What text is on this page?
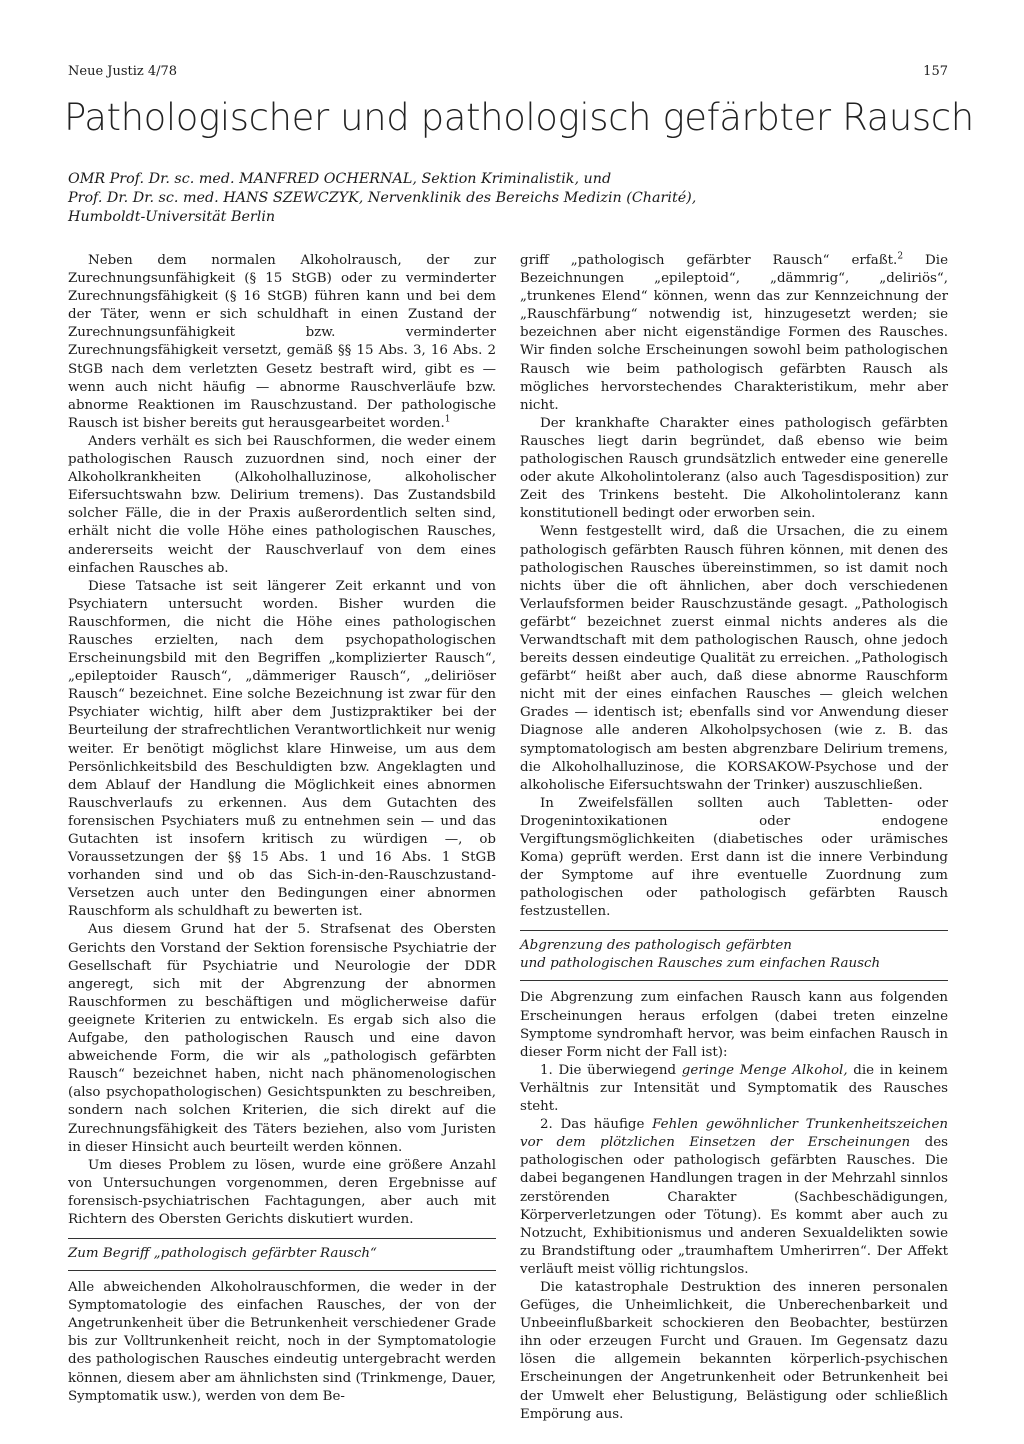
Neue Justiz 4/78	157
Pathologischer und pathologisch gefärbter Rausch
OMR Prof. Dr. sc. med. MANFRED OCHERNAL, Sektion Kriminalistik, und
Prof. Dr. Dr. sc. med. HANS SZEWCZYK, Nervenklinik des Bereichs Medizin (Charité),
Humboldt-Universität Berlin

Neben dem normalen Alkoholrausch, der zur Zurechnungsunfähigkeit (§ 15 StGB) oder zu verminderter Zurechnungsfähigkeit (§ 16 StGB) führen kann und bei dem der Täter, wenn er sich schuldhaft in einen Zustand der Zurechnungsunfähigkeit bzw. verminderter Zurechnungsfähigkeit versetzt, gemäß §§ 15 Abs. 3, 16 Abs. 2 StGB nach dem verletzten Gesetz bestraft wird, gibt es — wenn auch nicht häufig — abnorme Rauschverläufe bzw. abnorme Reaktionen im Rauschzustand. Der pathologische Rausch ist bisher bereits gut herausgearbeitet worden.$^1$

Anders verhält es sich bei Rauschformen, die weder einem pathologischen Rausch zuzuordnen sind, noch einer der Alkoholkrankheiten (Alkoholhalluzinose, alkoholischer Eifersuchtswahn bzw. Delirium tremens). Das Zustandsbild solcher Fälle, die in der Praxis außerordentlich selten sind, erhält nicht die volle Höhe eines pathologischen Rausches, andererseits weicht der Rauschverlauf von dem eines einfachen Rausches ab.

Diese Tatsache ist seit längerer Zeit erkannt und von Psychiatern untersucht worden. Bisher wurden die Rauschformen, die nicht die Höhe eines pathologischen Rausches erzielten, nach dem psychopathologischen Erscheinungsbild mit den Begriffen „komplizierter Rausch“, „epileptoider Rausch“, „dämmeriger Rausch“, „deliriöser Rausch“ bezeichnet. Eine solche Bezeichnung ist zwar für den Psychiater wichtig, hilft aber dem Justizpraktiker bei der Beurteilung der strafrechtlichen Verantwortlichkeit nur wenig weiter. Er benötigt möglichst klare Hinweise, um aus dem Persönlichkeitsbild des Beschuldigten bzw. Angeklagten und dem Ablauf der Handlung die Möglichkeit eines abnormen Rauschverlaufs zu erkennen. Aus dem Gutachten des forensischen Psychiaters muß zu entnehmen sein — und das Gutachten ist insofern kritisch zu würdigen —, ob Voraussetzungen der §§ 15 Abs. 1 und 16 Abs. 1 StGB vorhanden sind und ob das Sich-in-den-Rauschzustand-Versetzen auch unter den Bedingungen einer abnormen Rauschform als schuldhaft zu bewerten ist.

Aus diesem Grund hat der 5. Strafsenat des Obersten Gerichts den Vorstand der Sektion forensische Psychiatrie der Gesellschaft für Psychiatrie und Neurologie der DDR angeregt, sich mit der Abgrenzung der abnormen Rauschformen zu beschäftigen und möglicherweise dafür geeignete Kriterien zu entwickeln. Es ergab sich also die Aufgabe, den pathologischen Rausch und eine davon abweichende Form, die wir als „pathologisch gefärbten Rausch“ bezeichnet haben, nicht nach phänomenologischen (also psychopathologischen) Gesichtspunkten zu beschreiben, sondern nach solchen Kriterien, die sich direkt auf die Zurechnungsfähigkeit des Täters beziehen, also vom Juristen in dieser Hinsicht auch beurteilt werden können.

Um dieses Problem zu lösen, wurde eine größere Anzahl von Untersuchungen vorgenommen, deren Ergebnisse auf forensisch-psychiatrischen Fachtagungen, aber auch mit Richtern des Obersten Gerichts diskutiert wurden.

Zum Begriff „pathologisch gefärbter Rausch“

Alle abweichenden Alkoholrauschformen, die weder in der Symptomatologie des einfachen Rausches, der von der Angetrunkenheit über die Betrunkenheit verschiedener Grade bis zur Volltrunkenheit reicht, noch in der Symptomatologie des pathologischen Rausches eindeutig untergebracht werden können, diesem aber am ähnlichsten sind (Trinkmenge, Dauer, Symptomatik usw.), werden von dem Be-

griff „pathologisch gefärbter Rausch“ erfaßt.$^2$ Die Bezeichnungen „epileptoid“, „dämmrig“, „deliriös“, „trunkenes Elend“ können, wenn das zur Kennzeichnung der „Rauschfärbung“ notwendig ist, hinzugesetzt werden; sie bezeichnen aber nicht eigenständige Formen des Rausches. Wir finden solche Erscheinungen sowohl beim pathologischen Rausch wie beim pathologisch gefärbten Rausch als mögliches hervorstechendes Charakteristikum, mehr aber nicht.

Der krankhafte Charakter eines pathologisch gefärbten Rausches liegt darin begründet, daß ebenso wie beim pathologischen Rausch grundsätzlich entweder eine generelle oder akute Alkoholintoleranz (also auch Tagesdisposition) zur Zeit des Trinkens besteht. Die Alkoholintoleranz kann konstitutionell bedingt oder erworben sein.

Wenn festgestellt wird, daß die Ursachen, die zu einem pathologisch gefärbten Rausch führen können, mit denen des pathologischen Rausches übereinstimmen, so ist damit noch nichts über die oft ähnlichen, aber doch verschiedenen Verlaufsformen beider Rauschzustände gesagt. „Pathologisch gefärbt“ bezeichnet zuerst einmal nichts anderes als die Verwandtschaft mit dem pathologischen Rausch, ohne jedoch bereits dessen eindeutige Qualität zu erreichen. „Pathologisch gefärbt“ heißt aber auch, daß diese abnorme Rauschform nicht mit der eines einfachen Rausches — gleich welchen Grades — identisch ist; ebenfalls sind vor Anwendung dieser Diagnose alle anderen Alkoholpsychosen (wie z. B. das symptomatologisch am besten abgrenzbare Delirium tremens, die Alkoholhalluzinose, die KORSAKOW-Psychose und der alkoholische Eifersuchtswahn der Trinker) auszuschließen.

In Zweifelsfällen sollten auch Tabletten- oder Drogenintoxikationen oder endogene Vergiftungsmöglichkeiten (diabetisches oder urämisches Koma) geprüft werden. Erst dann ist die innere Verbindung der Symptome auf ihre eventuelle Zuordnung zum pathologischen oder pathologisch gefärbten Rausch festzustellen.

Abgrenzung des pathologisch gefärbten
und pathologischen Rausches zum einfachen Rausch

Die Abgrenzung zum einfachen Rausch kann aus folgenden Erscheinungen heraus erfolgen (dabei treten einzelne Symptome syndromhaft hervor, was beim einfachen Rausch in dieser Form nicht der Fall ist):

1. Die überwiegend geringe Menge Alkohol, die in keinem Verhältnis zur Intensität und Symptomatik des Rausches steht.

2. Das häufige Fehlen gewöhnlicher Trunkenheitszeichen vor dem plötzlichen Einsetzen der Erscheinungen des pathologischen oder pathologisch gefärbten Rausches. Die dabei begangenen Handlungen tragen in der Mehrzahl sinnlos zerstörenden Charakter (Sachbeschädigungen, Körperverletzungen oder Tötung). Es kommt aber auch zu Notzucht, Exhibitionismus und anderen Sexualdelikten sowie zu Brandstiftung oder „traumhaftem Umherirren“. Der Affekt verläuft meist völlig richtungslos.

Die katastrophale Destruktion des inneren personalen Gefüges, die Unheimlichkeit, die Unberechenbarkeit und Unbeeinflußbarkeit schockieren den Beobachter, bestürzen ihn oder erzeugen Furcht und Grauen. Im Gegensatz dazu lösen die allgemein bekannten körperlich-psychischen Erscheinungen der Angetrunkenheit oder Betrunkenheit bei der Umwelt eher Belustigung, Belästigung oder schließlich Empörung aus.
